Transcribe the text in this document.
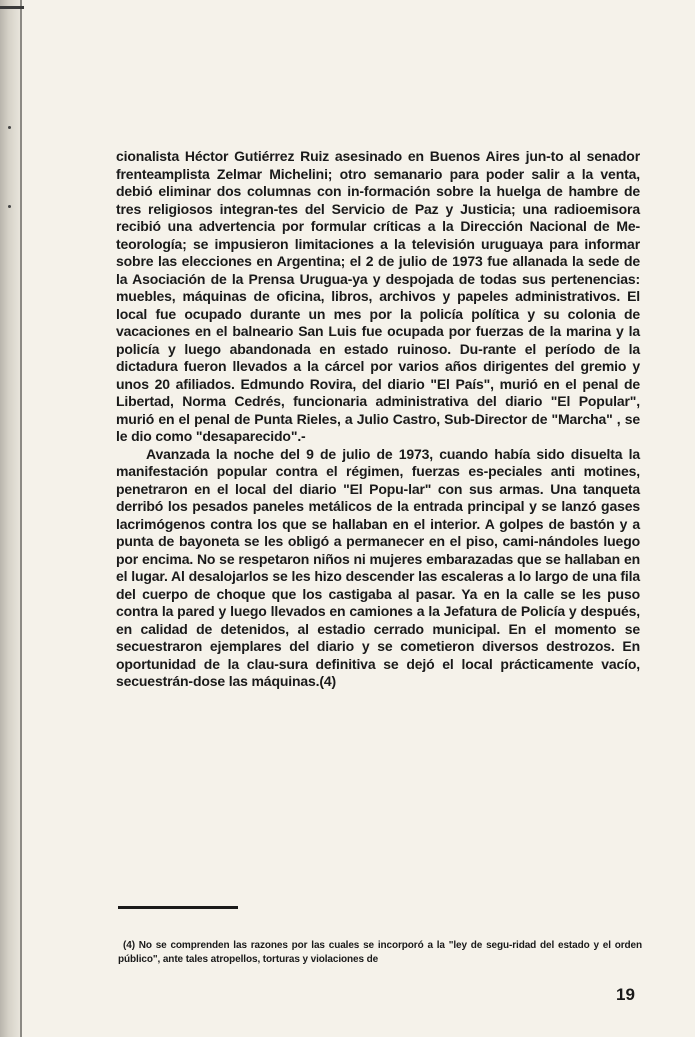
cionalista Héctor Gutiérrez Ruiz asesinado en Buenos Aires jun-to al senador frenteamplista Zelmar Michelini; otro semanario para poder salir a la venta, debió eliminar dos columnas con in-formación sobre la huelga de hambre de tres religiosos integran-tes del Servicio de Paz y Justicia; una radioemisora recibió una advertencia por formular críticas a la Dirección Nacional de Me-teorología; se impusieron limitaciones a la televisión uruguaya para informar sobre las elecciones en Argentina; el 2 de julio de 1973 fue allanada la sede de la Asociación de la Prensa Urugua-ya y despojada de todas sus pertenencias: muebles, máquinas de oficina, libros, archivos y papeles administrativos. El local fue ocupado durante un mes por la policía política y su colonia de vacaciones en el balneario San Luis fue ocupada por fuerzas de la marina y la policía y luego abandonada en estado ruinoso. Du-rante el período de la dictadura fueron llevados a la cárcel por varios años dirigentes del gremio y unos 20 afiliados. Edmundo Rovira, del diario "El País", murió en el penal de Libertad, Norma Cedrés, funcionaria administrativa del diario "El Popular", murió en el penal de Punta Rieles, a Julio Castro, Sub-Director de "Marcha" , se le dio como "desaparecido".-

Avanzada la noche del 9 de julio de 1973, cuando había sido disuelta la manifestación popular contra el régimen, fuerzas es-peciales anti motines, penetraron en el local del diario "El Popu-lar" con sus armas. Una tanqueta derribó los pesados paneles metálicos de la entrada principal y se lanzó gases lacrimógenos contra los que se hallaban en el interior. A golpes de bastón y a punta de bayoneta se les obligó a permanecer en el piso, cami-nándoles luego por encima. No se respetaron niños ni mujeres embarazadas que se hallaban en el lugar. Al desalojarlos se les hizo descender las escaleras a lo largo de una fila del cuerpo de choque que los castigaba al pasar. Ya en la calle se les puso contra la pared y luego llevados en camiones a la Jefatura de Policía y después, en calidad de detenidos, al estadio cerrado municipal. En el momento se secuestraron ejemplares del diario y se cometieron diversos destrozos. En oportunidad de la clau-sura definitiva se dejó el local prácticamente vacío, secuestrán-dose las máquinas.(4)

(4) No se comprenden las razones por las cuales se incorporó a la "ley de segu-ridad del estado y el orden público", ante tales atropellos, torturas y violaciones de

19
